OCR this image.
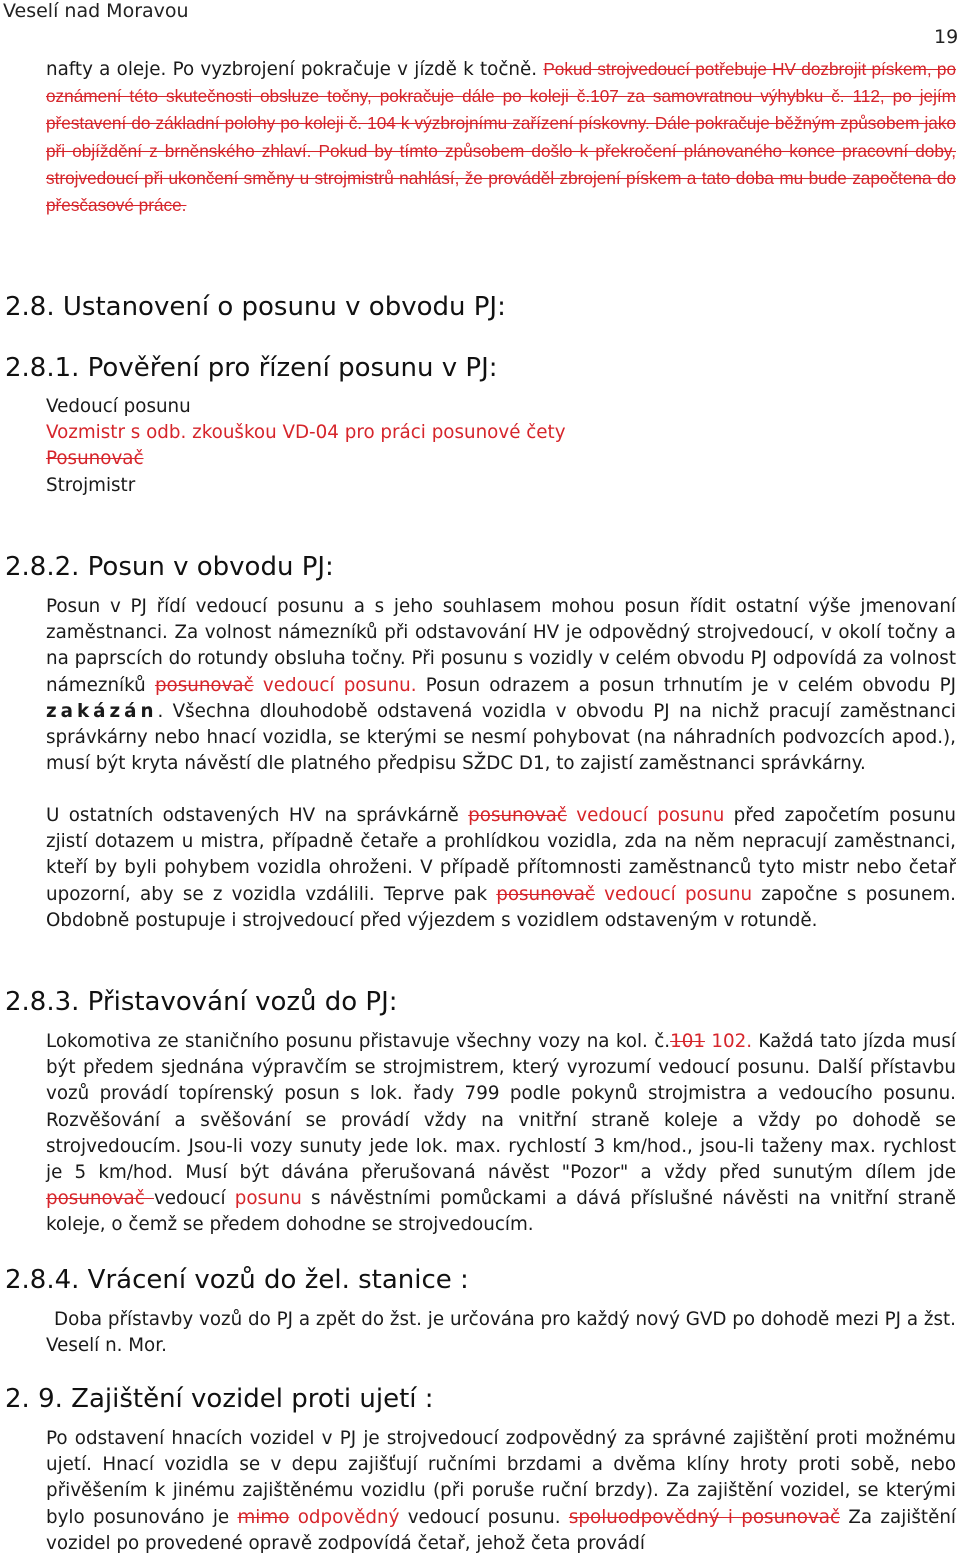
Veselí nad Moravou
19
nafty a oleje. Po vyzbrojení pokračuje v jízdě k točně. Pokud strojvedoucí potřebuje HV dozbrojit pískem, po oznámení této skutečnosti obsluze točny, pokračuje dále po koleji č.107 za samovratnou výhybku č. 112, po jejím přestavení do základní polohy po koleji č. 104 k výzbrojnímu zařízení pískovny. Dále pokračuje běžným způsobem jako při objíždění z brněnského zhlaví. Pokud by tímto způsobem došlo k překročení plánovaného konce pracovní doby, strojvedoucí při ukončení směny u strojmistrů nahlásí, že prováděl zbrojení pískem a tato doba mu bude započtena do přesčasové práce.
2.8. Ustanovení o posunu v obvodu PJ:
2.8.1. Pověření pro řízení posunu v PJ:
Vedoucí posunu
Vozmistr s odb. zkouškou VD-04 pro práci posunové čety
Posunovač
Strojmistr
2.8.2. Posun v obvodu PJ:
Posun v PJ řídí vedoucí posunu a s jeho souhlasem mohou posun řídit ostatní výše jmenovaní zaměstnanci. Za volnost námezníků při odstavování HV je odpovědný strojvedoucí, v okolí točny a na paprscích do rotundy obsluha točny. Při posunu s vozidly v celém obvodu PJ odpovídá za volnost námezníků posunovač vedoucí posunu. Posun odrazem a posun trhnutím je v celém obvodu PJ zakázán. Všechna dlouhodobě odstavená vozidla v obvodu PJ na nichž pracují zaměstnanci správkárny nebo hnací vozidla, se kterými se nesmí pohybovat (na náhradních podvozcích apod.), musí být kryta návěstí dle platného předpisu SŽDC D1, to zajistí zaměstnanci správkárny.
U ostatních odstavených HV na správkárně posunovač vedoucí posunu před započetím posunu zjistí dotazem u mistra, případně četaře a prohlídkou vozidla, zda na něm nepracují zaměstnanci, kteří by byli pohybem vozidla ohroženi. V případě přítomnosti zaměstnanců tyto mistr nebo četař upozorní, aby se z vozidla vzdálili. Teprve pak posunovač vedoucí posunu započne s posunem. Obdobně postupuje i strojvedoucí před výjezdem s vozidlem odstaveným v rotundě.
2.8.3. Přistavování vozů do PJ:
Lokomotiva ze staničního posunu přistavuje všechny vozy na kol. č.101 102. Každá tato jízda musí být předem sjednána výpravčím se strojmistrem, který vyrozumí vedoucí posunu. Další přístavbu vozů provádí topírenský posun s lok. řady 799 podle pokynů strojmistra a vedoucího posunu. Rozvěšování a svěšování se provádí vždy na vnitřní straně koleje a vždy po dohodě se strojvedoucím. Jsou-li vozy sunuty jede lok. max. rychlostí 3 km/hod., jsou-li taženy max. rychlost je 5 km/hod. Musí být dávána přerušovaná návěst "Pozor" a vždy před sunutým dílem jde posunovač vedoucí posunu s návěstními pomůckami a dává příslušné návěsti na vnitřní straně koleje, o čemž se předem dohodne se strojvedoucím.
2.8.4. Vrácení vozů do žel. stanice :
Doba přístavby vozů do PJ a zpět do žst. je určována pro každý nový GVD po dohodě mezi PJ a žst. Veselí n. Mor.
2. 9. Zajištění vozidel proti ujetí :
Po odstavení hnacích vozidel v PJ je strojvedoucí zodpovědný za správné zajištění proti možnému ujetí. Hnací vozidla se v depu zajišťují ručními brzdami a dvěma klíny hroty proti sobě, nebo přivěšením k jinému zajištěnému vozidlu (při poruše ruční brzdy). Za zajištění vozidel, se kterými bylo posunováno je mimo odpovědný vedoucí posunu. spoluodpovědný i posunovač Za zajištění vozidel po provedené opravě zodpovídá četař, jehož četa provádí
